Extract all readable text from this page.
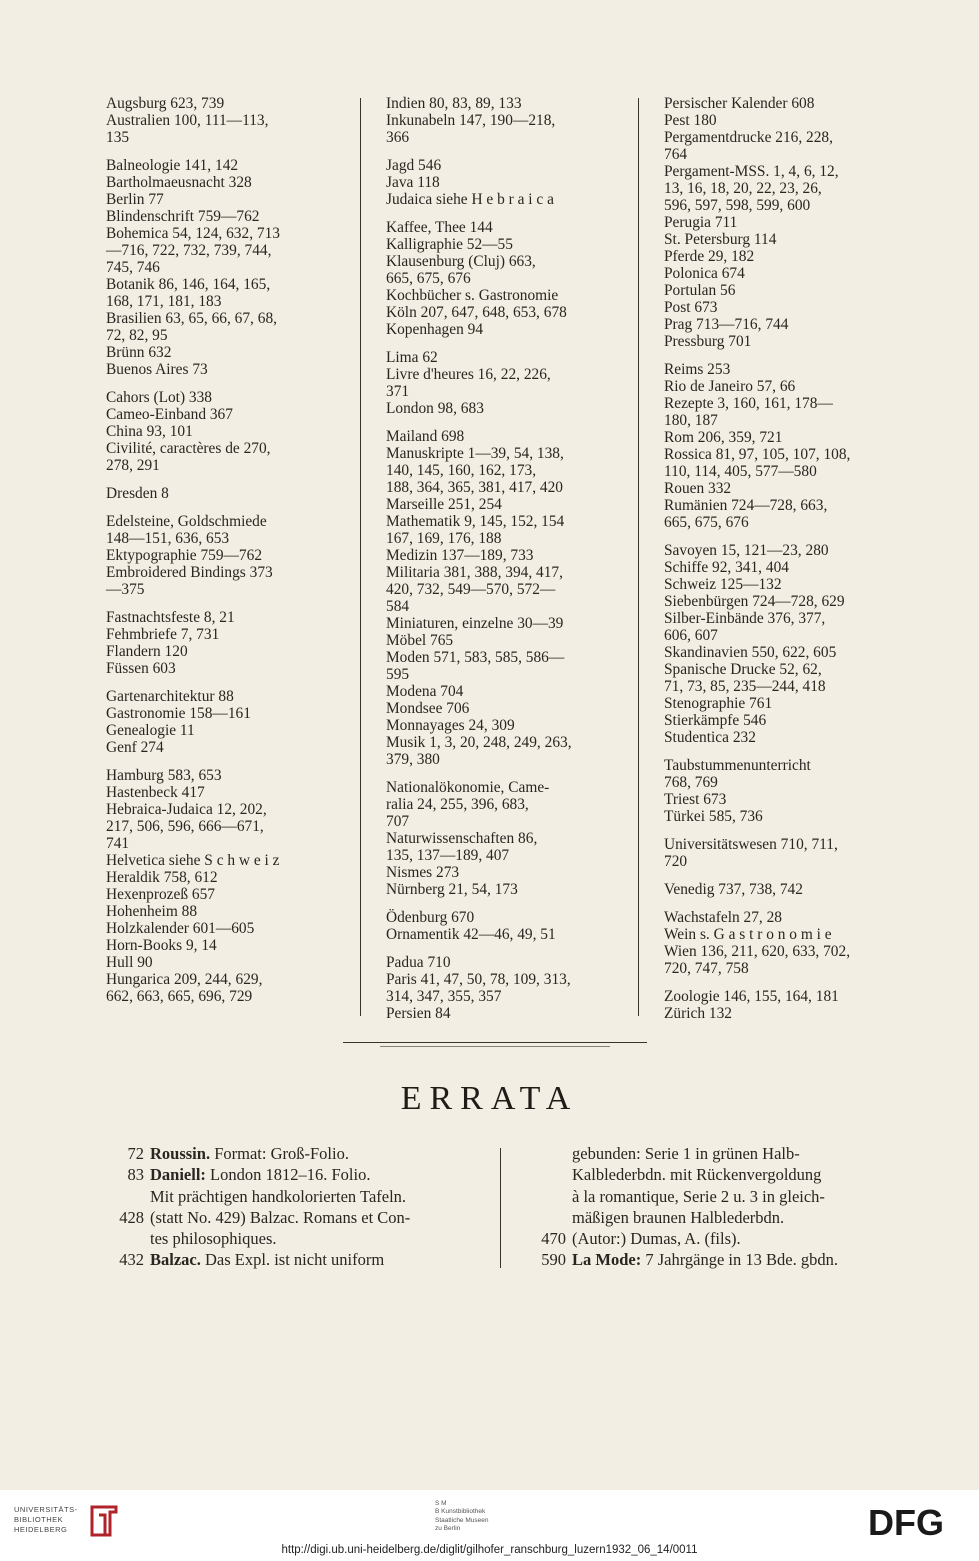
Augsburg 623, 739
Australien 100, 111—113,
135
Balneologie 141, 142
Bartholmaeusnacht 328
Berlin 77
Blindenschrift 759—762
Bohemica 54, 124, 632, 713
—716, 722, 732, 739, 744,
745, 746
Botanik 86, 146, 164, 165,
168, 171, 181, 183
Brasilien 63, 65, 66, 67, 68,
72, 82, 95
Brünn 632
Buenos Aires 73
Cahors (Lot) 338
Cameo-Einband 367
China 93, 101
Civilité, caractères de 270,
278, 291
Dresden 8
Edelsteine, Goldschmiede
148—151, 636, 653
Ektypographie 759—762
Embroidered Bindings 373
—375
Fastnachtsfeste 8, 21
Fehmbriefe 7, 731
Flandern 120
Füssen 603
Gartenarchitektur 88
Gastronomie 158—161
Genealogie 11
Genf 274
Hamburg 583, 653
Hastenbeck 417
Hebraica-Judaica 12, 202,
217, 506, 596, 666—671,
741
Helvetica siehe S c h w e i z
Heraldik 758, 612
Hexenprozeß 657
Hohenheim 88
Holzkalender 601—605
Horn-Books 9, 14
Hull 90
Hungarica 209, 244, 629,
662, 663, 665, 696, 729
Indien 80, 83, 89, 133
Inkunabeln 147, 190—218,
366
Jagd 546
Java 118
Judaica siehe H e b r a i c a
Kaffee, Thee 144
Kalligraphie 52—55
Klausenburg (Cluj) 663,
665, 675, 676
Kochbücher s. Gastronomie
Köln 207, 647, 648, 653, 678
Kopenhagen 94
Lima 62
Livre d'heures 16, 22, 226,
371
London 98, 683
Mailand 698
Manuskripte 1—39, 54, 138,
140, 145, 160, 162, 173,
188, 364, 365, 381, 417, 420
Marseille 251, 254
Mathematik 9, 145, 152, 154
167, 169, 176, 188
Medizin 137—189, 733
Militaria 381, 388, 394, 417,
420, 732, 549—570, 572—
584
Miniaturen, einzelne 30—39
Möbel 765
Moden 571, 583, 585, 586—
595
Modena 704
Mondsee 706
Monnayages 24, 309
Musik 1, 3, 20, 248, 249, 263,
379, 380
Nationalökonomie, Came-
ralia 24, 255, 396, 683,
707
Naturwissenschaften 86,
135, 137—189, 407
Nismes 273
Nürnberg 21, 54, 173
Ödenburg 670
Ornamentik 42—46, 49, 51
Padua 710
Paris 41, 47, 50, 78, 109, 313,
314, 347, 355, 357
Persien 84
Persischer Kalender 608
Pest 180
Pergamentdrucke 216, 228,
764
Pergament-MSS. 1, 4, 6, 12,
13, 16, 18, 20, 22, 23, 26,
596, 597, 598, 599, 600
Perugia 711
St. Petersburg 114
Pferde 29, 182
Polonica 674
Portulan 56
Post 673
Prag 713—716, 744
Pressburg 701
Reims 253
Rio de Janeiro 57, 66
Rezepte 3, 160, 161, 178—
180, 187
Rom 206, 359, 721
Rossica 81, 97, 105, 107, 108,
110, 114, 405, 577—580
Rouen 332
Rumänien 724—728, 663,
665, 675, 676
Savoyen 15, 121—23, 280
Schiffe 92, 341, 404
Schweiz 125—132
Siebenbürgen 724—728, 629
Silber-Einbände 376, 377,
606, 607
Skandinavien 550, 622, 605
Spanische Drucke 52, 62,
71, 73, 85, 235—244, 418
Stenographie 761
Stierkämpfe 546
Studentica 232
Taubstummenunterricht
768, 769
Triest 673
Türkei 585, 736
Universitätswesen 710, 711,
720
Venedig 737, 738, 742
Wachstafeln 27, 28
Wein s. G a s t r o n o m i e
Wien 136, 211, 620, 633, 702,
720, 747, 758
Zoologie 146, 155, 164, 181
Zürich 132
ERRATA
72 Roussin. Format: Groß-Folio.
83 Daniell: London 1812–16. Folio.
Mit prächtigen handkolorierten Tafeln.
428 (statt No. 429) Balzac. Romans et Con-
tes philosophiques.
432 Balzac. Das Expl. ist nicht uniform
gebunden: Serie 1 in grünen Halb-
Kalblederbdn. mit Rückenvergoldung
à la romantique, Serie 2 u. 3 in gleich-
mäßigen braunen Halblederbdn.
470 (Autor:) Dumas, A. (fils).
590 La Mode: 7 Jahrgänge in 13 Bde. gbdn.
UNIVERSITÄTS-
BIBLIOTHEK
HEIDELBERG
S M
B Kunstbibliothek
Staatliche Museen
zu Berlin	DFG
http://digi.ub.uni-heidelberg.de/diglit/gilhofer_ranschburg_luzern1932_06_14/0011
